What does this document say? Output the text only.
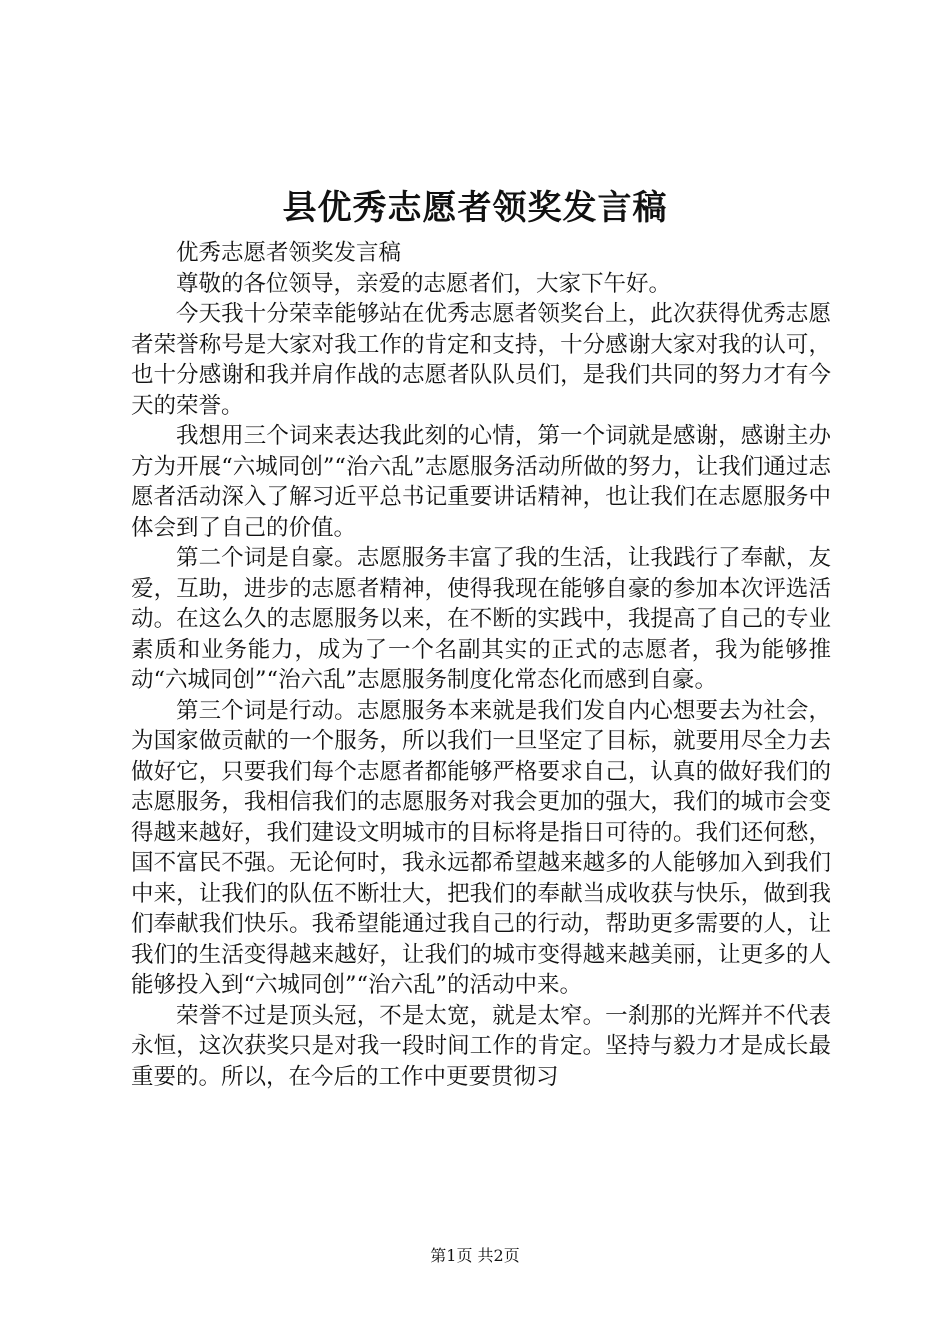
县优秀志愿者领奖发言稿

优秀志愿者领奖发言稿

尊敬的各位领导，亲爱的志愿者们，大家下午好。

今天我十分荣幸能够站在优秀志愿者领奖台上，此次获得优秀志愿者荣誉称号是大家对我工作的肯定和支持，十分感谢大家对我的认可，也十分感谢和我并肩作战的志愿者队队员们，是我们共同的努力才有今天的荣誉。

我想用三个词来表达我此刻的心情，第一个词就是感谢，感谢主办方为开展“六城同创”“治六乱”志愿服务活动所做的努力，让我们通过志愿者活动深入了解习近平总书记重要讲话精神，也让我们在志愿服务中体会到了自己的价值。

第二个词是自豪。志愿服务丰富了我的生活，让我践行了奉献，友爱，互助，进步的志愿者精神，使得我现在能够自豪的参加本次评选活动。在这么久的志愿服务以来，在不断的实践中，我提高了自己的专业素质和业务能力，成为了一个名副其实的正式的志愿者，我为能够推动“六城同创”“治六乱”志愿服务制度化常态化而感到自豪。

第三个词是行动。志愿服务本来就是我们发自内心想要去为社会，为国家做贡献的一个服务，所以我们一旦坚定了目标，就要用尽全力去做好它，只要我们每个志愿者都能够严格要求自己，认真的做好我们的志愿服务，我相信我们的志愿服务对我会更加的强大，我们的城市会变得越来越好，我们建设文明城市的目标将是指日可待的。我们还何愁，国不富民不强。无论何时，我永远都希望越来越多的人能够加入到我们中来，让我们的队伍不断壮大，把我们的奉献当成收获与快乐，做到我们奉献我们快乐。我希望能通过我自己的行动，帮助更多需要的人，让我们的生活变得越来越好，让我们的城市变得越来越美丽，让更多的人能够投入到“六城同创”“治六乱”的活动中来。

荣誉不过是顶头冠，不是太宽，就是太窄。一刹那的光辉并不代表永恒，这次获奖只是对我一段时间工作的肯定。坚持与毅力才是成长最重要的。所以，在今后的工作中更要贯彻习

第1页 共2页
